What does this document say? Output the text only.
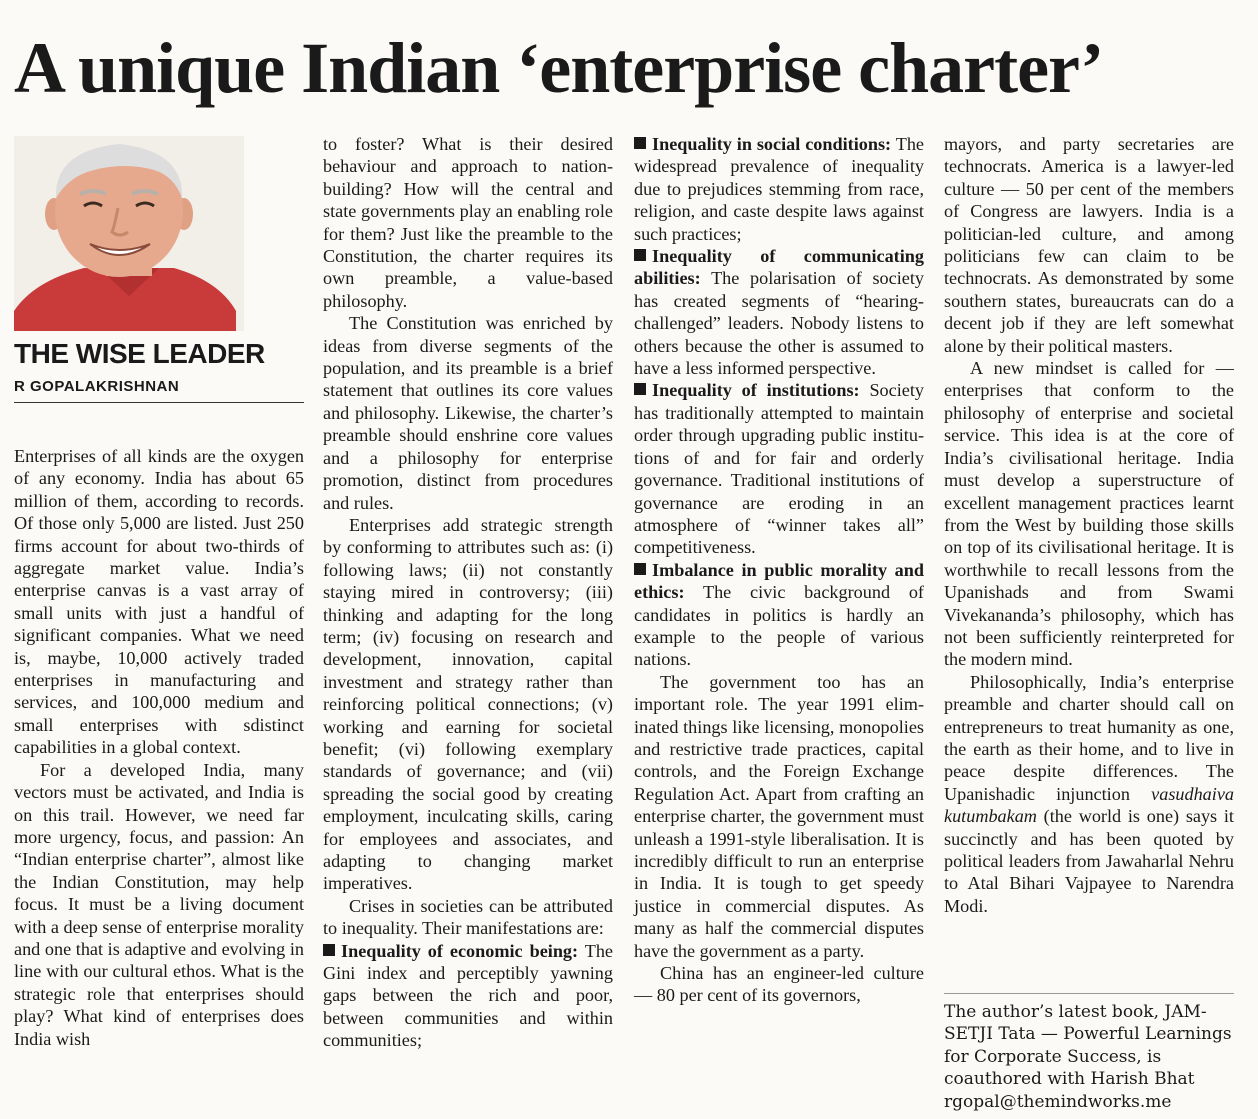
A unique Indian ‘enterprise charter’
THE WISE LEADER

R GOPALAKRISHNAN

Enterprises of all kinds are the oxygen of any economy. India has about 65 million of them, according to records. Of those only 5,000 are listed. Just 250 firms account for about two-thirds of aggregate market value. India’s enterprise canvas is a vast array of small units with just a handful of significant companies. What we need is, maybe, 10,000 actively traded enterprises in manufacturing and services, and 100,000 medium and small enterprises with sdistinct capabilities in a global context.

For a developed India, many vectors must be activated, and India is on this trail. However, we need far more urgency, focus, and passion: An “Indian enterprise charter”, almost like the Indian Constitution, may help focus. It must be a living document with a deep sense of enterprise morality and one that is adaptive and evolving in line with our cultural ethos. What is the strategic role that enterprises should play? What kind of enterprises does India wish

to foster? What is their desired behaviour and approach to nation-building? How will the central and state governments play an enabling role for them? Just like the preamble to the Constitution, the charter requires its own preamble, a value-based philosophy.

The Constitution was enriched by ideas from diverse segments of the population, and its preamble is a brief statement that outlines its core values and philosophy. Likewise, the charter’s preamble should enshrine core values and a philosophy for enterprise promotion, distinct from procedures and rules.

Enterprises add strategic strength by conforming to attributes such as: (i) following laws; (ii) not constantly staying mired in controversy; (iii) thinking and adapting for the long term; (iv) focusing on research and development, innovation, capital investment and strategy rather than reinforcing political connections; (v) working and earning for societal benefit; (vi) following exemplary standards of governance; and (vii) spreading the social good by creating employment, inculcating skills, caring for employees and associates, and adapting to changing market imperatives.

Crises in societies can be attributed to inequality. Their manifestations are:

Inequality of economic being: The Gini index and perceptibly yawning gaps between the rich and poor, between communities and within communities;

Inequality in social conditions: The widespread prevalence of inequality due to prejudices stemming from race, religion, and caste despite laws against such practices;

Inequality of communicating abilities: The polarisation of society has created segments of “hearing-challenged” leaders. Nobody listens to others because the other is assumed to have a less informed perspective.

Inequality of institutions: Society has traditionally attempted to maintain order through upgrading public institutions of and for fair and orderly governance. Traditional institutions of governance are eroding in an atmosphere of “winner takes all” competitiveness.

Imbalance in public morality and ethics: The civic background of candidates in politics is hardly an example to the people of various nations.

The government too has an important role. The year 1991 eliminated things like licensing, monopolies and restrictive trade practices, capital controls, and the Foreign Exchange Regulation Act. Apart from crafting an enterprise charter, the government must unleash a 1991-style liberalisation. It is incredibly difficult to run an enterprise in India. It is tough to get speedy justice in commercial disputes. As many as half the commercial disputes have the government as a party.

China has an engineer-led culture — 80 per cent of its governors,

mayors, and party secretaries are technocrats. America is a lawyer-led culture — 50 per cent of the members of Congress are lawyers. India is a politician-led culture, and among politicians few can claim to be technocrats. As demonstrated by some southern states, bureaucrats can do a decent job if they are left somewhat alone by their political masters.

A new mindset is called for — enterprises that conform to the philosophy of enterprise and societal service. This idea is at the core of India’s civilisational heritage. India must develop a superstructure of excellent management practices learnt from the West by building those skills on top of its civilisational heritage. It is worthwhile to recall lessons from the Upanishads and from Swami Vivekananda’s philosophy, which has not been sufficiently reinterpreted for the modern mind.

Philosophically, India’s enterprise preamble and charter should call on entrepreneurs to treat humanity as one, the earth as their home, and to live in peace despite differences. The Upanishadic injunction vasudhaiva kutumbakam (the world is one) says it succinctly and has been quoted by political leaders from Jawaharlal Nehru to Atal Bihari Vajpayee to Narendra Modi.

The author’s latest book, JAM-
SETJI Tata — Powerful Learnings
for Corporate Success, is
coauthored with Harish Bhat
rgopal@themindworks.me
